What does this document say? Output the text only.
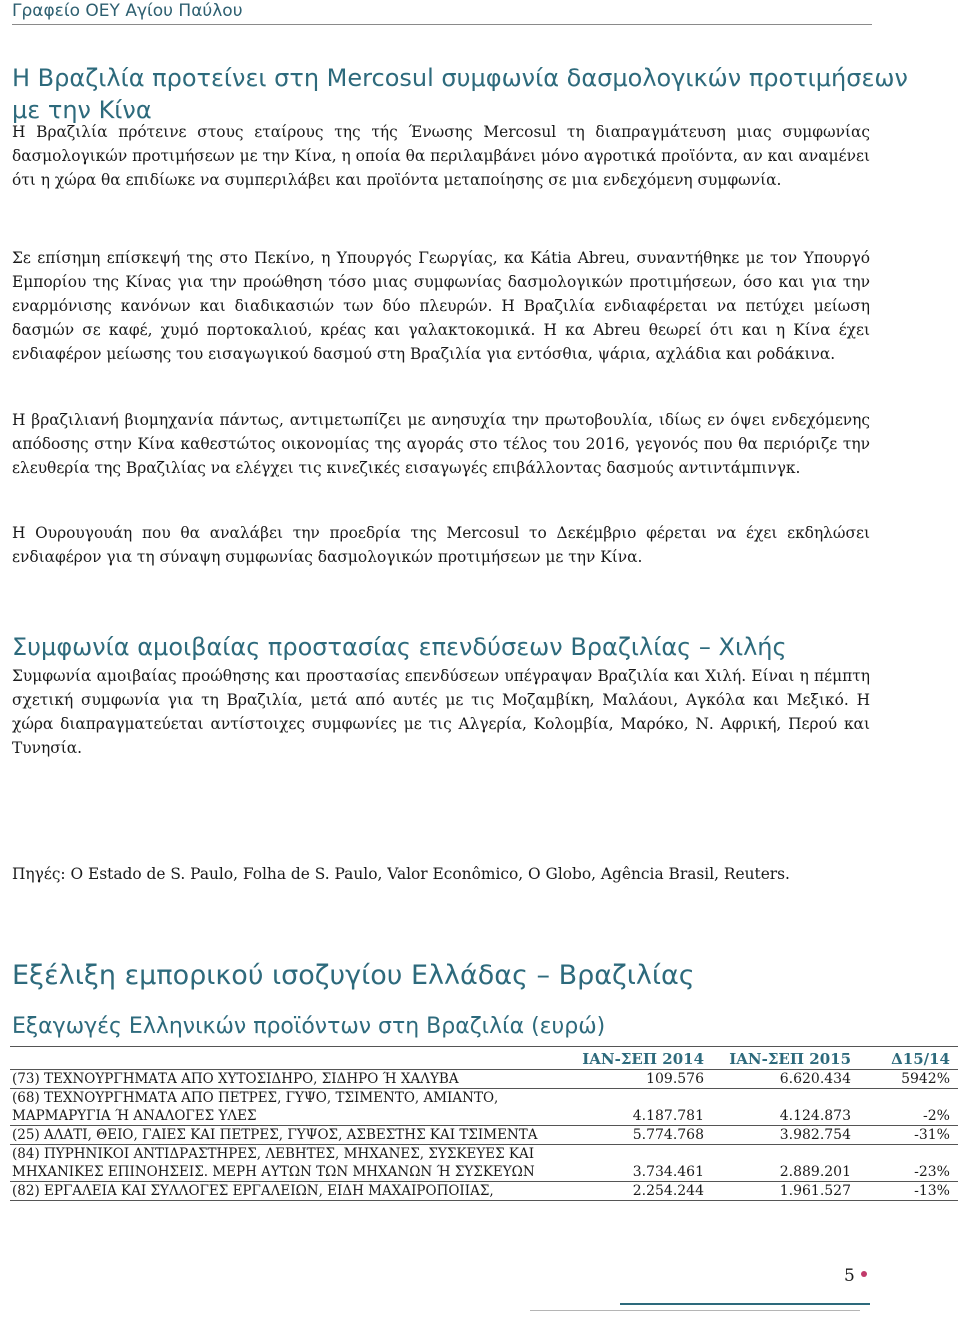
Γραφείο ΟΕΥ Αγίου Παύλου
Η Βραζιλία προτείνει στη Mercosul συμφωνία δασμολογικών προτιμήσεων
με την Κίνα

Η Βραζιλία πρότεινε στους εταίρους της τής Ένωσης Mercosul τη διαπραγμάτευση μιας συμφωνίας δασμολογικών προτιμήσεων με την Κίνα, η οποία θα περιλαμβάνει μόνο αγροτικά προϊόντα, αν και αναμένει ότι η χώρα θα επιδίωκε να συμπεριλάβει και προϊόντα μεταποίησης σε μια ενδεχόμενη συμφωνία.

Σε επίσημη επίσκεψή της στο Πεκίνο, η Υπουργός Γεωργίας, κα Kátia Abreu, συναντήθηκε με τον Υπουργό Εμπορίου της Κίνας για την προώθηση τόσο μιας συμφωνίας δασμολογικών προτιμήσεων, όσο και για την εναρμόνισης κανόνων και διαδικασιών των δύο πλευρών. Η Βραζιλία ενδιαφέρεται να πετύχει μείωση δασμών σε καφέ, χυμό πορτοκαλιού, κρέας και γαλακτοκομικά. Η κα Abreu θεωρεί ότι και η Κίνα έχει ενδιαφέρον μείωσης του εισαγωγικού δασμού στη Βραζιλία για εντόσθια, ψάρια, αχλάδια και ροδάκινα.

Η βραζιλιανή βιομηχανία πάντως, αντιμετωπίζει με ανησυχία την πρωτοβουλία, ιδίως εν όψει ενδεχόμενης απόδοσης στην Κίνα καθεστώτος οικονομίας της αγοράς στο τέλος του 2016, γεγονός που θα περιόριζε την ελευθερία της Βραζιλίας να ελέγχει τις κινεζικές εισαγωγές επιβάλλοντας δασμούς αντιντάμπινγκ.

Η Ουρουγουάη που θα αναλάβει την προεδρία της Mercosul το Δεκέμβριο φέρεται να έχει εκδηλώσει ενδιαφέρον για τη σύναψη συμφωνίας δασμολογικών προτιμήσεων με την Κίνα.

Συμφωνία αμοιβαίας προστασίας επενδύσεων Βραζιλίας – Χιλής

Συμφωνία αμοιβαίας προώθησης και προστασίας επενδύσεων υπέγραψαν Βραζιλία και Χιλή. Είναι η πέμπτη σχετική συμφωνία για τη Βραζιλία, μετά από αυτές με τις Μοζαμβίκη, Μαλάουι, Αγκόλα και Μεξικό. Η χώρα διαπραγματεύεται αντίστοιχες συμφωνίες με τις Αλγερία, Κολομβία, Μαρόκο, Ν. Αφρική, Περού και Τυνησία.

Πηγές: O Estado de S. Paulo, Folha de S. Paulo, Valor Econômico, O Globo, Agência Brasil, Reuters.

Εξέλιξη εμπορικού ισοζυγίου Ελλάδας – Βραζιλίας
Εξαγωγές Ελληνικών προϊόντων στη Βραζιλία (ευρώ)
	ΙΑΝ-ΣΕΠ 2014	ΙΑΝ-ΣΕΠ 2015	Δ15/14
(73) ΤΕΧΝΟΥΡΓΗΜΑΤΑ ΑΠΟ ΧΥΤΟΣΙΔΗΡΟ, ΣΙΔΗΡΟ Ή ΧΑΛΥΒΑ	109.576	6.620.434	5942%
(68) ΤΕΧΝΟΥΡΓΗΜΑΤΑ ΑΠΟ ΠΕΤΡΕΣ, ΓΥΨΟ, ΤΣΙΜΕΝΤΟ, ΑΜΙΑΝΤΟ, ΜΑΡΜΑΡΥΓΙΑ Ή ΑΝΑΛΟΓΕΣ ΥΛΕΣ	4.187.781	4.124.873	-2%
(25) ΑΛΑΤΙ, ΘΕΙΟ, ΓΑΙΕΣ ΚΑΙ ΠΕΤΡΕΣ, ΓΥΨΟΣ, ΑΣΒΕΣΤΗΣ ΚΑΙ ΤΣΙΜΕΝΤΑ	5.774.768	3.982.754	-31%
(84) ΠΥΡΗΝΙΚΟΙ ΑΝΤΙΔΡΑΣΤΗΡΕΣ, ΛΕΒΗΤΕΣ, ΜΗΧΑΝΕΣ, ΣΥΣΚΕΥΕΣ ΚΑΙ ΜΗΧΑΝΙΚΕΣ ΕΠΙΝΟΗΣΕΙΣ. ΜΕΡΗ ΑΥΤΩΝ ΤΩΝ ΜΗΧΑΝΩΝ Ή ΣΥΣΚΕΥΩΝ	3.734.461	2.889.201	-23%
(82) ΕΡΓΑΛΕΙΑ ΚΑΙ ΣΥΛΛΟΓΕΣ ΕΡΓΑΛΕΙΩΝ, ΕΙΔΗ ΜΑΧΑΙΡΟΠΟΙΙΑΣ,	2.254.244	1.961.527	-13%
5
